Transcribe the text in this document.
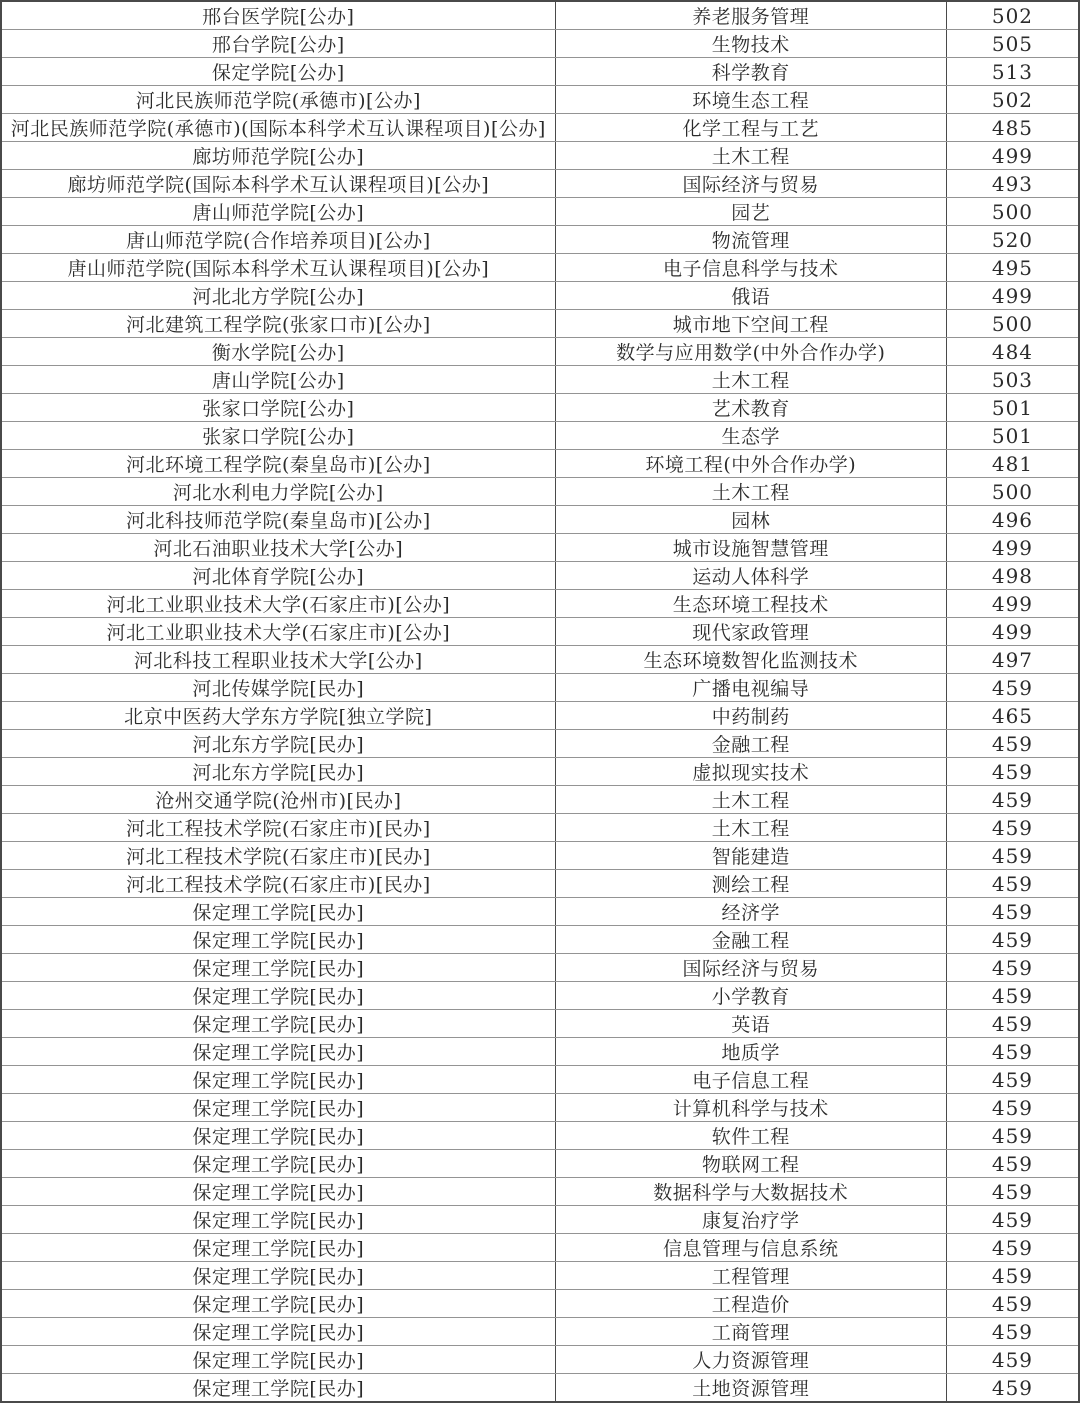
邢台医学院[公办]	养老服务管理	502
邢台学院[公办]	生物技术	505
保定学院[公办]	科学教育	513
河北民族师范学院(承德市)[公办]	环境生态工程	502
河北民族师范学院(承德市)(国际本科学术互认课程项目)[公办]	化学工程与工艺	485
廊坊师范学院[公办]	土木工程	499
廊坊师范学院(国际本科学术互认课程项目)[公办]	国际经济与贸易	493
唐山师范学院[公办]	园艺	500
唐山师范学院(合作培养项目)[公办]	物流管理	520
唐山师范学院(国际本科学术互认课程项目)[公办]	电子信息科学与技术	495
河北北方学院[公办]	俄语	499
河北建筑工程学院(张家口市)[公办]	城市地下空间工程	500
衡水学院[公办]	数学与应用数学(中外合作办学)	484
唐山学院[公办]	土木工程	503
张家口学院[公办]	艺术教育	501
张家口学院[公办]	生态学	501
河北环境工程学院(秦皇岛市)[公办]	环境工程(中外合作办学)	481
河北水利电力学院[公办]	土木工程	500
河北科技师范学院(秦皇岛市)[公办]	园林	496
河北石油职业技术大学[公办]	城市设施智慧管理	499
河北体育学院[公办]	运动人体科学	498
河北工业职业技术大学(石家庄市)[公办]	生态环境工程技术	499
河北工业职业技术大学(石家庄市)[公办]	现代家政管理	499
河北科技工程职业技术大学[公办]	生态环境数智化监测技术	497
河北传媒学院[民办]	广播电视编导	459
北京中医药大学东方学院[独立学院]	中药制药	465
河北东方学院[民办]	金融工程	459
河北东方学院[民办]	虚拟现实技术	459
沧州交通学院(沧州市)[民办]	土木工程	459
河北工程技术学院(石家庄市)[民办]	土木工程	459
河北工程技术学院(石家庄市)[民办]	智能建造	459
河北工程技术学院(石家庄市)[民办]	测绘工程	459
保定理工学院[民办]	经济学	459
保定理工学院[民办]	金融工程	459
保定理工学院[民办]	国际经济与贸易	459
保定理工学院[民办]	小学教育	459
保定理工学院[民办]	英语	459
保定理工学院[民办]	地质学	459
保定理工学院[民办]	电子信息工程	459
保定理工学院[民办]	计算机科学与技术	459
保定理工学院[民办]	软件工程	459
保定理工学院[民办]	物联网工程	459
保定理工学院[民办]	数据科学与大数据技术	459
保定理工学院[民办]	康复治疗学	459
保定理工学院[民办]	信息管理与信息系统	459
保定理工学院[民办]	工程管理	459
保定理工学院[民办]	工程造价	459
保定理工学院[民办]	工商管理	459
保定理工学院[民办]	人力资源管理	459
保定理工学院[民办]	土地资源管理	459
